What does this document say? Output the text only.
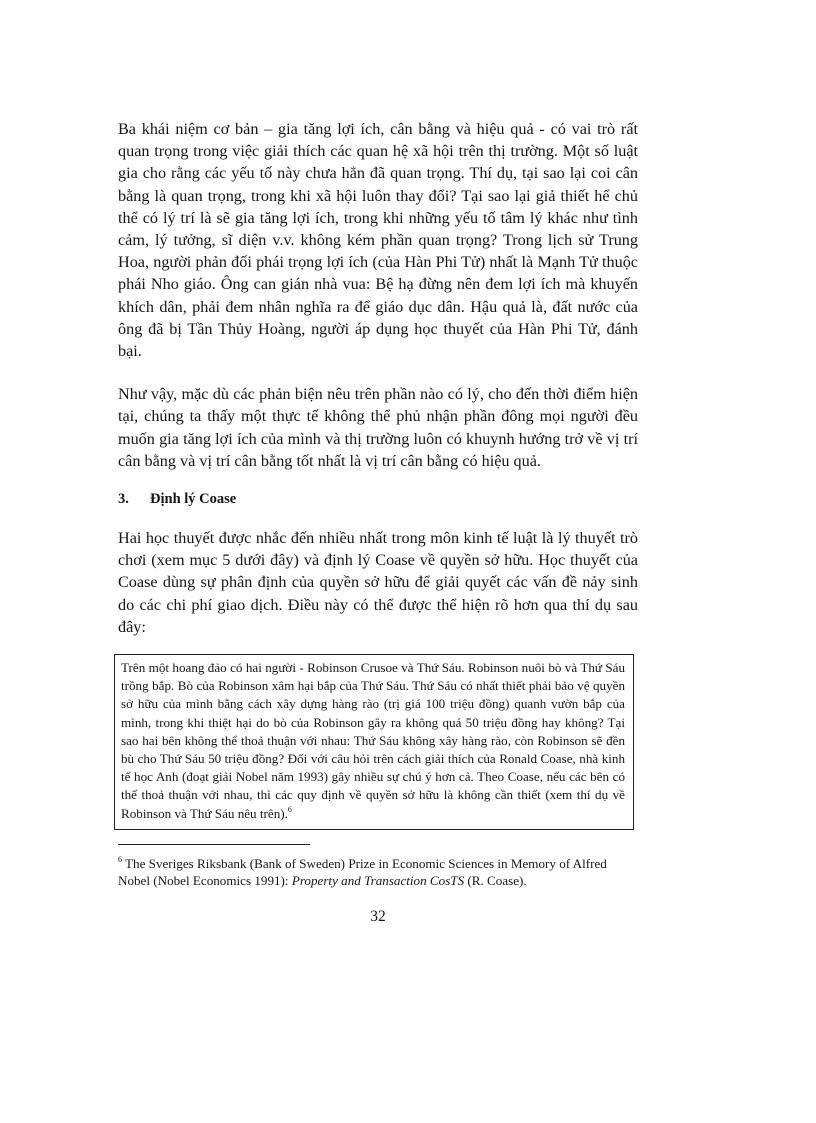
Ba khái niệm cơ bản – gia tăng lợi ích, cân bằng và hiệu quả - có vai trò rất quan trọng trong việc giải thích các quan hệ xã hội trên thị trường. Một số luật gia cho rằng các yếu tố này chưa hẳn đã quan trọng. Thí dụ, tại sao lại coi cân bằng là quan trọng, trong khi xã hội luôn thay đổi? Tại sao lại giả thiết hể chủ thể có lý trí là sẽ gia tăng lợi ích, trong khi những yếu tố tâm lý khác như tình cảm, lý tưởng, sĩ diện v.v. không kém phần quan trọng? Trong lịch sử Trung Hoa, người phản đối phái trọng lợi ích (của Hàn Phi Tử) nhất là Mạnh Tử thuộc phái Nho giáo. Ông can gián nhà vua: Bệ hạ đừng nên đem lợi ích mà khuyến khích dân, phải đem nhân nghĩa ra để giáo dục dân. Hậu quả là, đất nước của ông đã bị Tần Thủy Hoàng, người áp dụng học thuyết của Hàn Phi Tử, đánh bại.

Như vậy, mặc dù các phản biện nêu trên phần nào có lý, cho đến thời điểm hiện tại, chúng ta thấy một thực tế không thể phủ nhận phần đông mọi người đều muốn gia tăng lợi ích của mình và thị trường luôn có khuynh hướng trở về vị trí cân bằng và vị trí cân bằng tốt nhất là vị trí cân bằng có hiệu quả.

3.	Định lý Coase

Hai học thuyết được nhắc đến nhiều nhất trong môn kinh tế luật là lý thuyết trò chơi (xem mục 5 dưới đây) và định lý Coase về quyền sở hữu. Học thuyết của Coase dùng sự phân định của quyền sở hữu để giải quyết các vấn đề nảy sinh do các chi phí giao dịch. Điều này có thể được thể hiện rõ hơn qua thí dụ sau đây:

Trên một hoang đảo có hai người - Robinson Crusoe và Thứ Sáu. Robinson nuôi bò và Thứ Sáu trồng bắp. Bò của Robinson xâm hại bắp của Thứ Sáu. Thứ Sáu có nhất thiết phải bảo vệ quyền sở hữu của mình bằng cách xây dựng hàng rào (trị giá 100 triệu đồng) quanh vườn bắp của mình, trong khi thiệt hại do bò của Robinson gây ra không quá 50 triệu đồng hay không? Tại sao hai bên không thể thoả thuận với nhau: Thứ Sáu không xây hàng rào, còn Robinson sẽ đền bù cho Thứ Sáu 50 triệu đồng? Đối với câu hỏi trên cách giải thích của Ronald Coase, nhà kinh tế học Anh (đoạt giải Nobel năm 1993) gây nhiều sự chú ý hơn cả. Theo Coase, nếu các bên có thể thoả thuận với nhau, thì các quy định về quyền sở hữu là không cần thiết (xem thí dụ về Robinson và Thứ Sáu nêu trên).$^6$

$^6$ The Sveriges Riksbank (Bank of Sweden) Prize in Economic Sciences in Memory of Alfred Nobel (Nobel Economics 1991): Property and Transaction CosTS (R. Coase).

32
